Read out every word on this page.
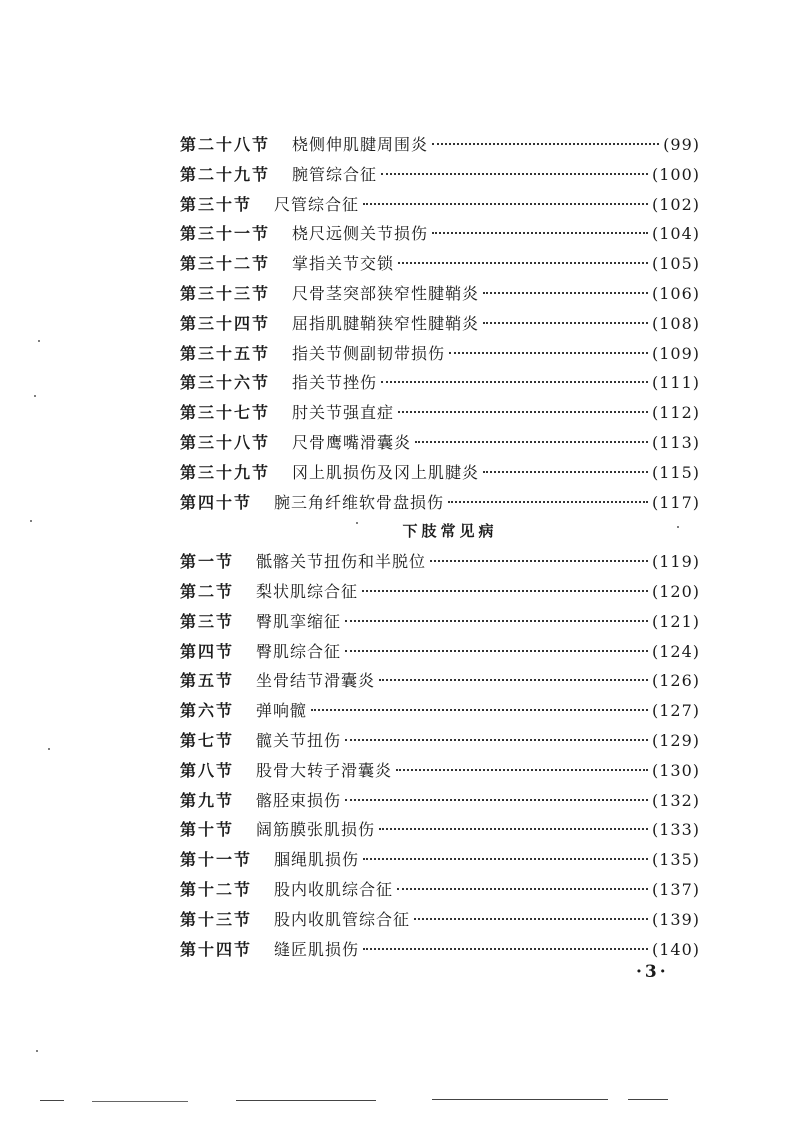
第二十八节 桡侧伸肌腱周围炎	(99)
第二十九节 腕管综合征	(100)
第三十节 尺管综合征	(102)
第三十一节 桡尺远侧关节损伤	(104)
第三十二节 掌指关节交锁	(105)
第三十三节 尺骨茎突部狭窄性腱鞘炎	(106)
第三十四节 屈指肌腱鞘狭窄性腱鞘炎	(108)
第三十五节 指关节侧副韧带损伤	(109)
第三十六节 指关节挫伤	(111)
第三十七节 肘关节强直症	(112)
第三十八节 尺骨鹰嘴滑囊炎	(113)
第三十九节 冈上肌损伤及冈上肌腱炎	(115)
第四十节 腕三角纤维软骨盘损伤	(117)
下肢常见病
第一节 骶髂关节扭伤和半脱位	(119)
第二节 梨状肌综合征	(120)
第三节 臀肌挛缩征	(121)
第四节 臀肌综合征	(124)
第五节 坐骨结节滑囊炎	(126)
第六节 弹响髋	(127)
第七节 髋关节扭伤	(129)
第八节 股骨大转子滑囊炎	(130)
第九节 髂胫束损伤	(132)
第十节 阔筋膜张肌损伤	(133)
第十一节 腘绳肌损伤	(135)
第十二节 股内收肌综合征	(137)
第十三节 股内收肌管综合征	(139)
第十四节 缝匠肌损伤	(140)
·3·
